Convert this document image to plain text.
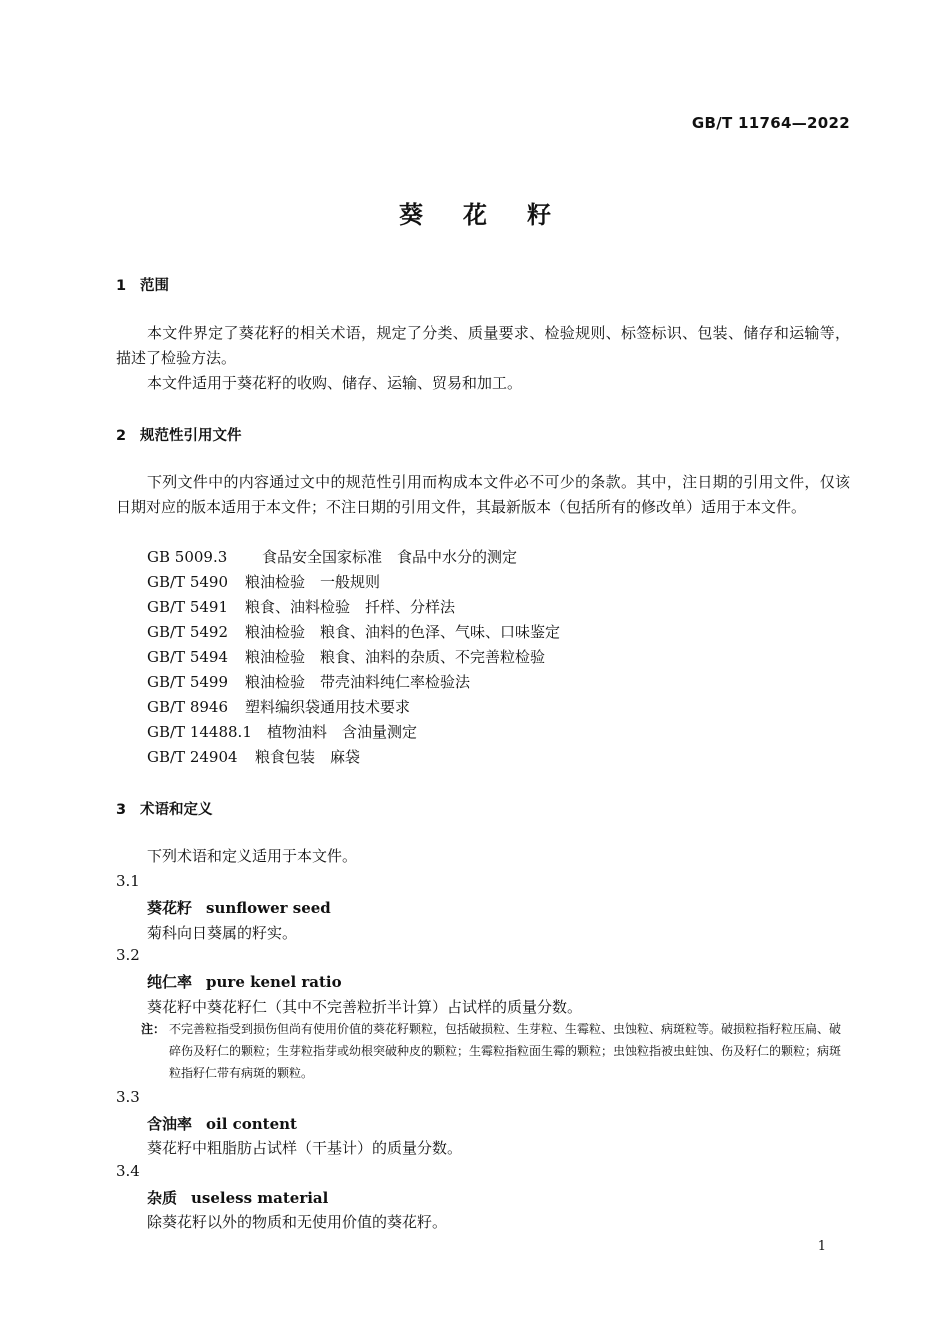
GB/T 11764—2022
葵花籽
1 范围
本文件界定了葵花籽的相关术语，规定了分类、质量要求、检验规则、标签标识、包装、储存和运输等，描述了检验方法。
本文件适用于葵花籽的收购、储存、运输、贸易和加工。
2 规范性引用文件
下列文件中的内容通过文中的规范性引用而构成本文件必不可少的条款。其中，注日期的引用文件，仅该日期对应的版本适用于本文件；不注日期的引用文件，其最新版本（包括所有的修改单）适用于本文件。
GB 5009.3 食品安全国家标准　食品中水分的测定
GB/T 5490 粮油检验　一般规则
GB/T 5491 粮食、油料检验　扦样、分样法
GB/T 5492 粮油检验　粮食、油料的色泽、气味、口味鉴定
GB/T 5494 粮油检验　粮食、油料的杂质、不完善粒检验
GB/T 5499 粮油检验　带壳油料纯仁率检验法
GB/T 8946 塑料编织袋通用技术要求
GB/T 14488.1 植物油料　含油量测定
GB/T 24904 粮食包装　麻袋
3 术语和定义
下列术语和定义适用于本文件。
3.1
葵花籽 sunflower seed
菊科向日葵属的籽实。
3.2
纯仁率 pure kenel ratio
葵花籽中葵花籽仁（其中不完善粒折半计算）占试样的质量分数。
注： 不完善粒指受到损伤但尚有使用价值的葵花籽颗粒，包括破损粒、生芽粒、生霉粒、虫蚀粒、病斑粒等。破损粒指籽粒压扁、破碎伤及籽仁的颗粒；生芽粒指芽或幼根突破种皮的颗粒；生霉粒指粒面生霉的颗粒；虫蚀粒指被虫蛀蚀、伤及籽仁的颗粒；病斑粒指籽仁带有病斑的颗粒。
3.3
含油率 oil content
葵花籽中粗脂肪占试样（干基计）的质量分数。
3.4
杂质 useless material
除葵花籽以外的物质和无使用价值的葵花籽。
1
